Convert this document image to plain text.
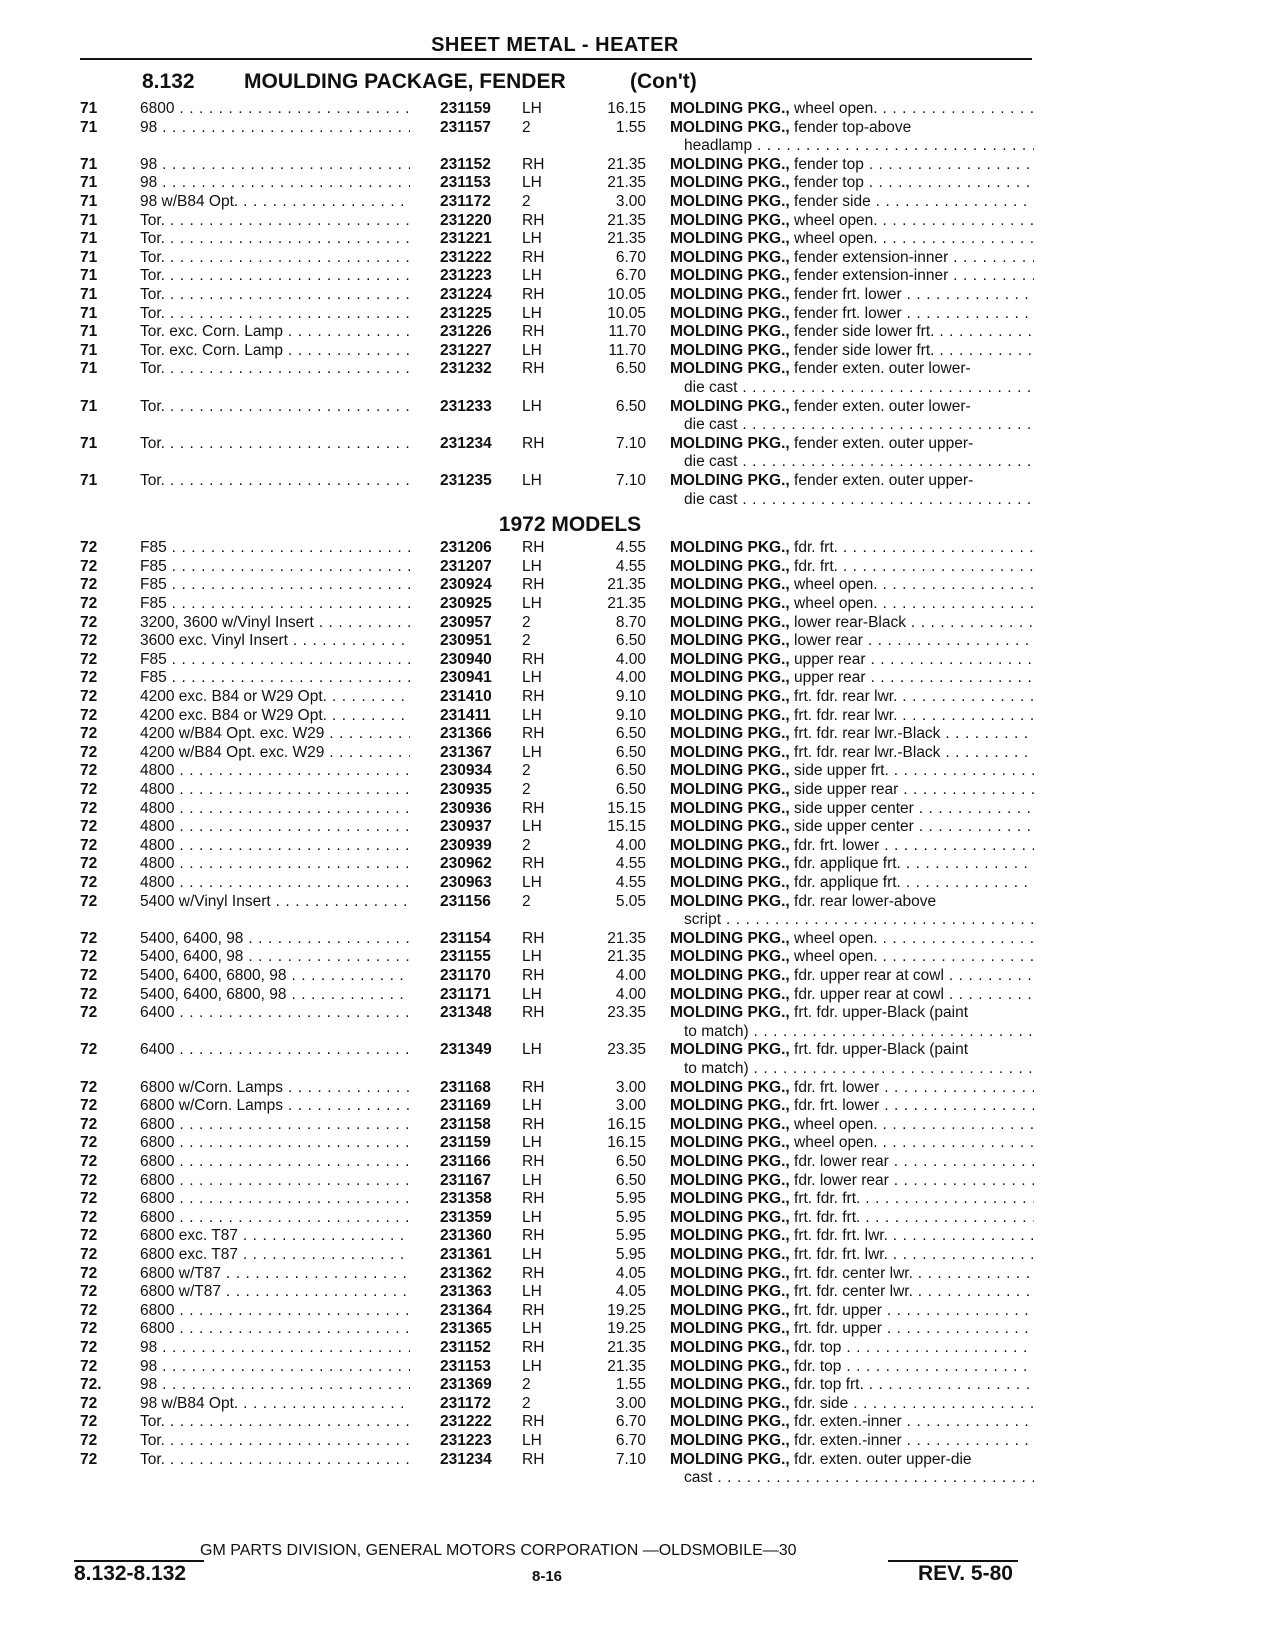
SHEET METAL - HEATER
8.132 MOULDING PACKAGE, FENDER	(Con't)
71	6800 . . .	231159	LH	16.15 MOLDING PKG., wheel open. . . .
71	98 . . .	231157	2	1.55 MOLDING PKG., fender top-above
headlamp . . .
71	98 . . .	231152	RH	21.35 MOLDING PKG., fender top . . .
71	98 . . .	231153	LH	21.35 MOLDING PKG., fender top . . .
71	98 w/B84 Opt. . . .	231172	2	3.00 MOLDING PKG., fender side . . .
71	Tor. . . .	231220	RH	21.35 MOLDING PKG., wheel open. . . .
71	Tor. . . .	231221	LH	21.35 MOLDING PKG., wheel open. . . .
71	Tor. . . .	231222	RH	6.70 MOLDING PKG., fender extension-inner . . .
71	Tor. . . .	231223	LH	6.70 MOLDING PKG., fender extension-inner . . .
71	Tor. . . .	231224	RH	10.05 MOLDING PKG., fender frt. lower . . .
71	Tor. . . .	231225	LH	10.05 MOLDING PKG., fender frt. lower . . .
71	Tor. exc. Corn. Lamp . . .	231226	RH	11.70 MOLDING PKG., fender side lower frt. . . .
71	Tor. exc. Corn. Lamp . . .	231227	LH	11.70 MOLDING PKG., fender side lower frt. . . .
71	Tor. . . .	231232	RH	6.50 MOLDING PKG., fender exten. outer lower-
die cast . . .
71	Tor. . . .	231233	LH	6.50 MOLDING PKG., fender exten. outer lower-
die cast . . .
71	Tor. . . .	231234	RH	7.10 MOLDING PKG., fender exten. outer upper-
die cast . . .
71	Tor. . . .	231235	LH	7.10 MOLDING PKG., fender exten. outer upper-
die cast . . .
1972 MODELS
72	F85 . . .	231206	RH	4.55 MOLDING PKG., fdr. frt. . . .
72	F85 . . .	231207	LH	4.55 MOLDING PKG., fdr. frt. . . .
72	F85 . . .	230924	RH	21.35 MOLDING PKG., wheel open. . . .
72	F85 . . .	230925	LH	21.35 MOLDING PKG., wheel open. . . .
72	3200, 3600 w/Vinyl Insert . . .	230957	2	8.70 MOLDING PKG., lower rear-Black . . .
72	3600 exc. Vinyl Insert . . .	230951	2	6.50 MOLDING PKG., lower rear . . .
72	F85 . . .	230940	RH	4.00 MOLDING PKG., upper rear . . .
72	F85 . . .	230941	LH	4.00 MOLDING PKG., upper rear . . .
72	4200 exc. B84 or W29 Opt. . . .	231410	RH	9.10 MOLDING PKG., frt. fdr. rear lwr. . . .
72	4200 exc. B84 or W29 Opt. . . .	231411	LH	9.10 MOLDING PKG., frt. fdr. rear lwr. . . .
72	4200 w/B84 Opt. exc. W29 . . .	231366	RH	6.50 MOLDING PKG., frt. fdr. rear lwr.-Black . . .
72	4200 w/B84 Opt. exc. W29 . . .	231367	LH	6.50 MOLDING PKG., frt. fdr. rear lwr.-Black . . .
72	4800 . . .	230934	2	6.50 MOLDING PKG., side upper frt. . . .
72	4800 . . .	230935	2	6.50 MOLDING PKG., side upper rear . . .
72	4800 . . .	230936	RH	15.15 MOLDING PKG., side upper center . . .
72	4800 . . .	230937	LH	15.15 MOLDING PKG., side upper center . . .
72	4800 . . .	230939	2	4.00 MOLDING PKG., fdr. frt. lower . . .
72	4800 . . .	230962	RH	4.55 MOLDING PKG., fdr. applique frt. . . .
72	4800 . . .	230963	LH	4.55 MOLDING PKG., fdr. applique frt. . . .
72	5400 w/Vinyl Insert . . .	231156	2	5.05 MOLDING PKG., fdr. rear lower-above
script . . .
72	5400, 6400, 98 . . .	231154	RH	21.35 MOLDING PKG., wheel open. . . .
72	5400, 6400, 98 . . .	231155	LH	21.35 MOLDING PKG., wheel open. . . .
72	5400, 6400, 6800, 98 . . .	231170	RH	4.00 MOLDING PKG., fdr. upper rear at cowl . . .
72	5400, 6400, 6800, 98 . . .	231171	LH	4.00 MOLDING PKG., fdr. upper rear at cowl . . .
72	6400 . . .	231348	RH	23.35 MOLDING PKG., frt. fdr. upper-Black (paint
to match) . . .
72	6400 . . .	231349	LH	23.35 MOLDING PKG., frt. fdr. upper-Black (paint
to match) . . .
72	6800 w/Corn. Lamps . . .	231168	RH	3.00 MOLDING PKG., fdr. frt. lower . . .
72	6800 w/Corn. Lamps . . .	231169	LH	3.00 MOLDING PKG., fdr. frt. lower . . .
72	6800 . . .	231158	RH	16.15 MOLDING PKG., wheel open. . . .
72	6800 . . .	231159	LH	16.15 MOLDING PKG., wheel open. . . .
72	6800 . . .	231166	RH	6.50 MOLDING PKG., fdr. lower rear . . .
72	6800 . . .	231167	LH	6.50 MOLDING PKG., fdr. lower rear . . .
72	6800 . . .	231358	RH	5.95 MOLDING PKG., frt. fdr. frt. . . .
72	6800 . . .	231359	LH	5.95 MOLDING PKG., frt. fdr. frt. . . .
72	6800 exc. T87 . . .	231360	RH	5.95 MOLDING PKG., frt. fdr. frt. lwr. . . .
72	6800 exc. T87 . . .	231361	LH	5.95 MOLDING PKG., frt. fdr. frt. lwr. . . .
72	6800 w/T87 . . .	231362	RH	4.05 MOLDING PKG., frt. fdr. center lwr. . . .
72	6800 w/T87 . . .	231363	LH	4.05 MOLDING PKG., frt. fdr. center lwr. . . .
72	6800 . . .	231364	RH	19.25 MOLDING PKG., frt. fdr. upper . . .
72	6800 . . .	231365	LH	19.25 MOLDING PKG., frt. fdr. upper . . .
72	98 . . .	231152	RH	21.35 MOLDING PKG., fdr. top . . .
72	98 . . .	231153	LH	21.35 MOLDING PKG., fdr. top . . .
72.	98 . . .	231369	2	1.55 MOLDING PKG., fdr. top frt. . . .
72	98 w/B84 Opt. . . .	231172	2	3.00 MOLDING PKG., fdr. side . . .
72	Tor. . . .	231222	RH	6.70 MOLDING PKG., fdr. exten.-inner . . .
72	Tor. . . .	231223	LH	6.70 MOLDING PKG., fdr. exten.-inner . . .
72	Tor. . . .	231234	RH	7.10 MOLDING PKG., fdr. exten. outer upper-die
cast . . .
GM PARTS DIVISION, GENERAL MOTORS CORPORATION —OLDSMOBILE—30
8.132-8.132	8-16	REV. 5-80
